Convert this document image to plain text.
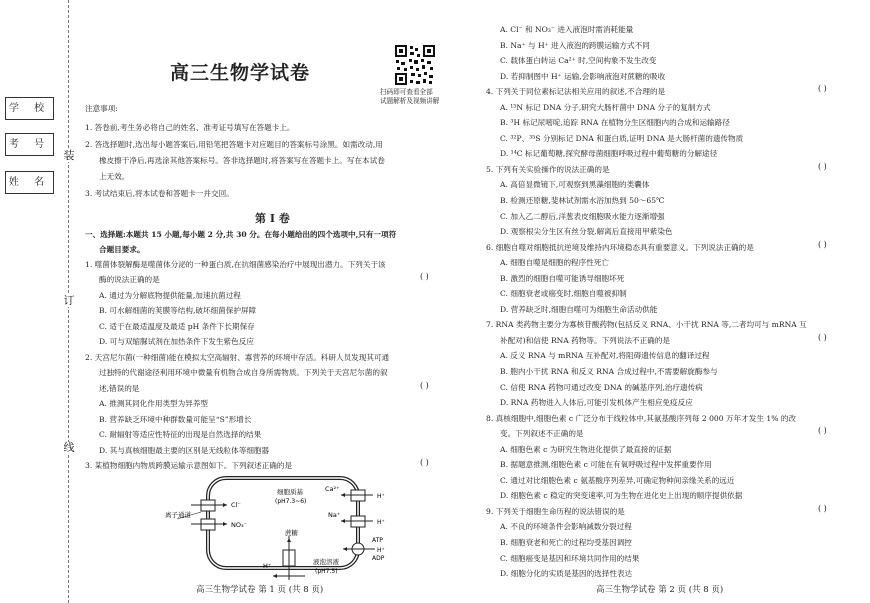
装
订
线
学 校
考 号
姓 名
高三生物学试卷
扫码即可查看全部
试题解析及视频讲解
注意事项:
1. 答卷前,考生务必将自己的姓名、准考证号填写在答题卡上。
2. 答选择题时,选出每小题答案后,用铅笔把答题卡对应题目的答案标号涂黑。如需改动,用
橡皮擦干净后,再选涂其他答案标号。答非选择题时,将答案写在答题卡上。写在本试卷
上无效。
3. 考试结束后,将本试卷和答题卡一并交回。
第 Ⅰ 卷
一、选择题:本题共 15 小题,每小题 2 分,共 30 分。在每小题给出的四个选项中,只有一项符
合题目要求。
1. 噬菌体裂解酶是噬菌体分泌的一种蛋白质,在抗细菌感染治疗中展现出潜力。下列关于该
酶的说法正确的是
A. 通过为分解底物提供能量,加速抗菌过程
B. 可水解细菌的荚膜等结构,破坏细菌保护屏障
C. 适于在最适温度及最适 pH 条件下长期保存
D. 可与双缩脲试剂在加热条件下发生紫色反应
2. 天宫尼尔菌(一种细菌)能在模拟太空高辐射、寡营养的环境中存活。科研人员发现其可通
过独特的代谢途径利用环境中微量有机物合成自身所需物质。下列关于天宫尼尔菌的叙
述,错误的是
A. 推测其同化作用类型为异养型
B. 营养缺乏环境中种群数量可能呈“S”形增长
C. 耐辐射等适应性特征的出现是自然选择的结果
D. 其与真核细胞最主要的区别是无线粒体等细胞器
3. 某植物细胞内物质跨膜运输示意图如下。下列叙述正确的是
( )
( )
( )
离子通道
Cl⁻
NO₃⁻
细胞质基
(pH7.3~6)
Ca²⁺
Na⁺
蔗糖
H⁺	液泡溶液
(pH7.5)
ATP
ADP
H⁺
H⁺
H⁺
A. Cl⁻ 和 NO₃⁻ 进入液泡时需消耗能量
B. Na⁺ 与 H⁺ 进入液泡的跨膜运输方式不同
C. 载体蛋白转运 Ca²⁺ 时,空间构象不发生改变
D. 若抑制图中 H⁺ 运输,会影响液泡对蔗糖的吸收
4. 下列关于同位素标记法相关应用的叙述,不合理的是
A. ¹⁵N 标记 DNA 分子,研究大肠杆菌中 DNA 分子的复制方式
B. ³H 标记尿嘧啶,追踪 RNA 在植物分生区细胞内的合成和运输路径
C. ³²P、³⁵S 分别标记 DNA 和蛋白质,证明 DNA 是大肠杆菌的遗传物质
D. ¹⁴C 标记葡萄糖,探究酵母菌细胞呼吸过程中葡萄糖的分解途径
5. 下列有关实验操作的说法正确的是
A. 高倍显微镜下,可观察到黑藻细胞的类囊体
B. 检测还原糖,斐林试剂需水浴加热到 50～65℃
C. 加入乙二醇后,洋葱表皮细胞吸水能力逐渐增强
D. 观察根尖分生区有丝分裂,解离后直接用甲紫染色
6. 细胞自噬对细胞抵抗逆境及维持内环境稳态具有重要意义。下列说法正确的是
A. 细胞自噬是细胞的程序性死亡
B. 激烈的细胞自噬可能诱导细胞坏死
C. 细胞衰老或癌变时,细胞自噬被抑制
D. 营养缺乏时,细胞自噬可为细胞生命活动供能
7. RNA 类药物主要分为寡核苷酸药物(包括反义 RNA、小干扰 RNA 等,二者均可与 mRNA 互
补配对)和信使 RNA 药物等。下列说法不正确的是
A. 反义 RNA 与 mRNA 互补配对,将阻碍遗传信息的翻译过程
B. 胞内小干扰 RNA 和反义 RNA 合成过程中,不需要解旋酶参与
C. 信使 RNA 药物可通过改变 DNA 的碱基序列,治疗遗传病
D. RNA 药物进入人体后,可能引发机体产生相应免疫反应
8. 真核细胞中,细胞色素 c 广泛分布于线粒体中,其氨基酸序列每 2 000 万年才发生 1% 的改
变。下列叙述不正确的是
A. 细胞色素 c 为研究生物进化提供了最直接的证据
B. 据题意推测,细胞色素 c 可能在有氧呼吸过程中发挥重要作用
C. 通过对比细胞色素 c 氨基酸序列差异,可确定物种间亲缘关系的远近
D. 细胞色素 c 稳定的突变速率,可为生物在进化史上出现的顺序提供依据
9. 下列关于细胞生命历程的说法错误的是
A. 不良的环境条件会影响减数分裂过程
B. 细胞衰老和死亡的过程均受基因调控
C. 细胞癌变是基因和环境共同作用的结果
D. 细胞分化的实质是基因的选择性表达
( )
( )
( )
( )
( )
( )
高三生物学试卷 第 1 页 (共 8 页)	高三生物学试卷 第 2 页 (共 8 页)
